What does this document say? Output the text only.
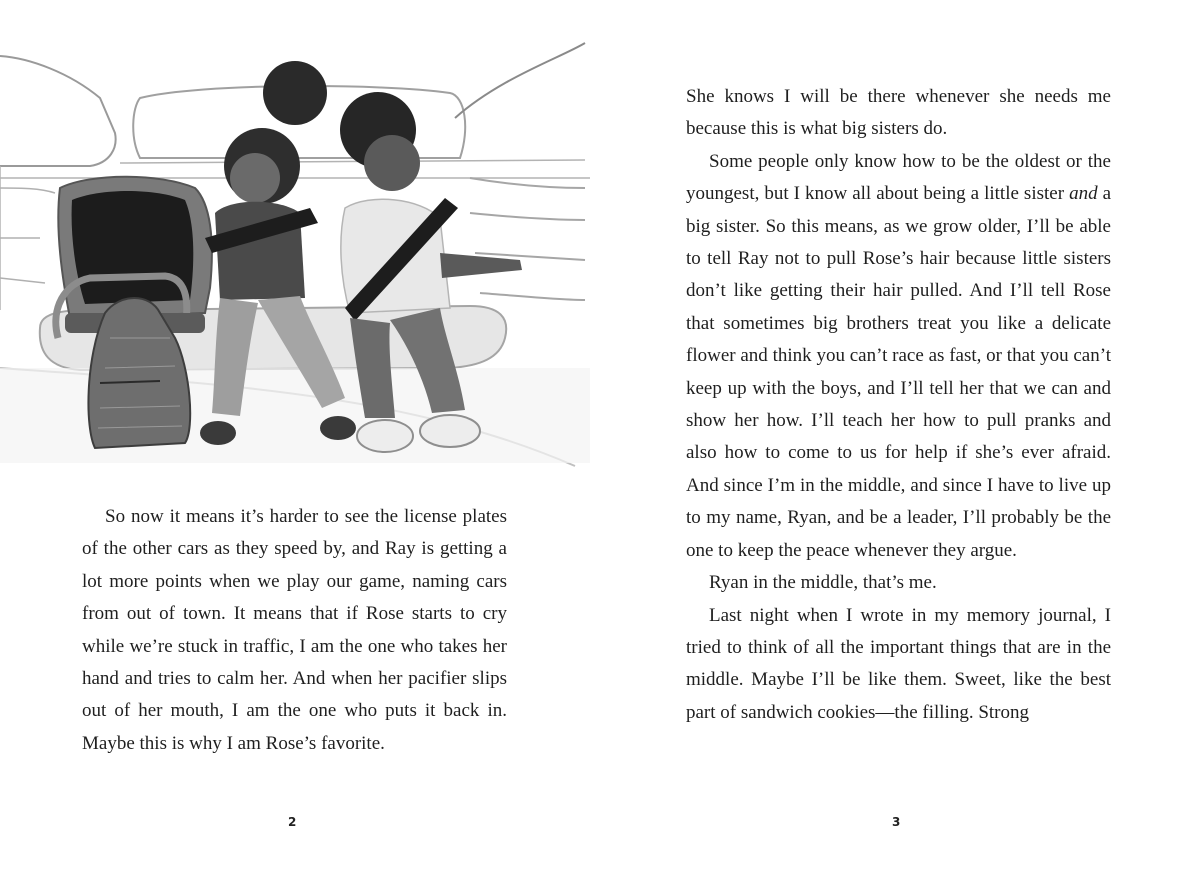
So now it means it’s harder to see the license plates of the other cars as they speed by, and Ray is getting a lot more points when we play our game, naming cars from out of town. It means that if Rose starts to cry while we’re stuck in traffic, I am the one who takes her hand and tries to calm her. And when her pacifier slips out of her mouth, I am the one who puts it back in. Maybe this is why I am Rose’s favorite.

2

She knows I will be there whenever she needs me because this is what big sisters do.

Some people only know how to be the oldest or the youngest, but I know all about being a little sister and a big sister. So this means, as we grow older, I’ll be able to tell Ray not to pull Rose’s hair because little sisters don’t like getting their hair pulled. And I’ll tell Rose that sometimes big brothers treat you like a delicate flower and think you can’t race as fast, or that you can’t keep up with the boys, and I’ll tell her that we can and show her how. I’ll teach her how to pull pranks and also how to come to us for help if she’s ever afraid. And since I’m in the middle, and since I have to live up to my name, Ryan, and be a leader, I’ll probably be the one to keep the peace whenever they argue.

Ryan in the middle, that’s me.

Last night when I wrote in my memory journal, I tried to think of all the important things that are in the middle. Maybe I’ll be like them. Sweet, like the best part of sandwich cookies—the filling. Strong

3
